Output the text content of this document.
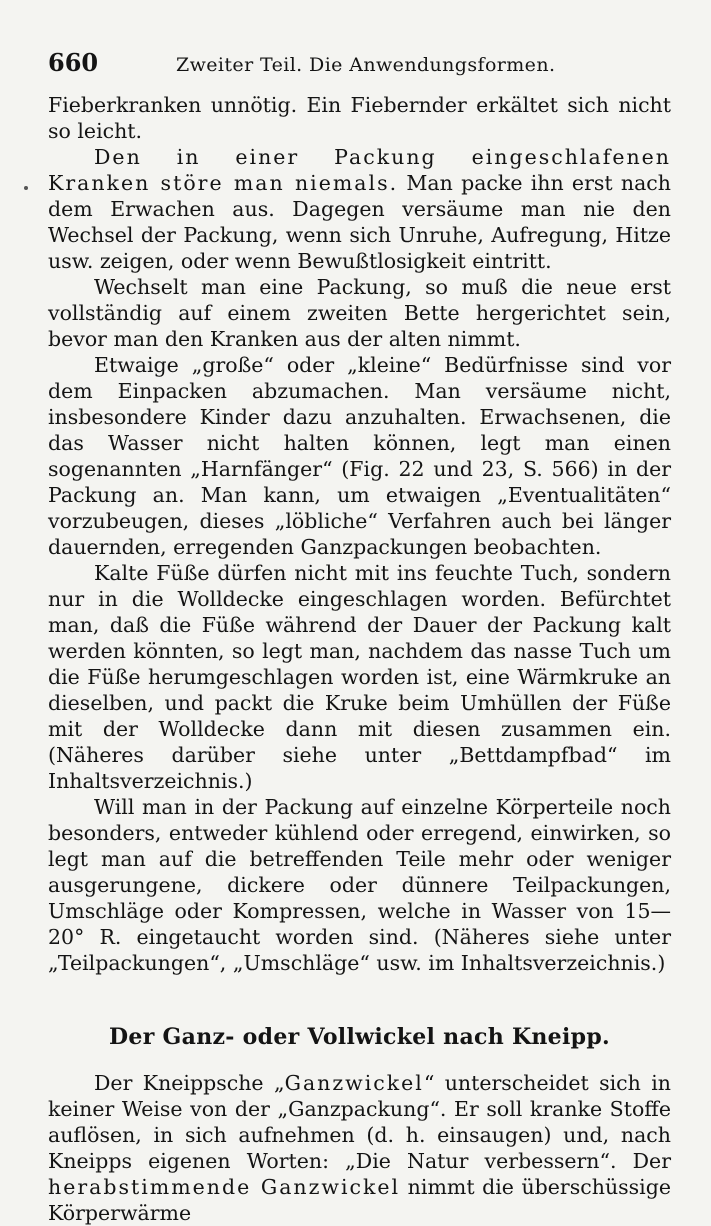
660	Zweiter Teil. Die Anwendungsformen.

Fieberkranken unnötig. Ein Fiebernder erkältet sich nicht so leicht.

Den in einer Packung eingeschlafenen Kranken störe man niemals. Man packe ihn erst nach dem Erwachen aus. Dagegen versäume man nie den Wechsel der Packung, wenn sich Unruhe, Aufregung, Hitze usw. zeigen, oder wenn Bewußtlosigkeit eintritt.

Wechselt man eine Packung, so muß die neue erst vollständig auf einem zweiten Bette hergerichtet sein, bevor man den Kranken aus der alten nimmt.

Etwaige „große“ oder „kleine“ Bedürfnisse sind vor dem Einpacken abzumachen. Man versäume nicht, insbesondere Kinder dazu anzuhalten. Erwachsenen, die das Wasser nicht halten können, legt man einen sogenannten „Harnfänger“ (Fig. 22 und 23, S. 566) in der Packung an. Man kann, um etwaigen „Eventualitäten“ vorzubeugen, dieses „löbliche“ Verfahren auch bei länger dauernden, erregenden Ganzpackungen beobachten.

Kalte Füße dürfen nicht mit ins feuchte Tuch, sondern nur in die Wolldecke eingeschlagen worden. Befürchtet man, daß die Füße während der Dauer der Packung kalt werden könnten, so legt man, nachdem das nasse Tuch um die Füße herumgeschlagen worden ist, eine Wärmkruke an dieselben, und packt die Kruke beim Umhüllen der Füße mit der Wolldecke dann mit diesen zusammen ein. (Näheres darüber siehe unter „Bettdampfbad“ im Inhaltsverzeichnis.)

Will man in der Packung auf einzelne Körperteile noch besonders, entweder kühlend oder erregend, einwirken, so legt man auf die betreffenden Teile mehr oder weniger ausgerungene, dickere oder dünnere Teilpackungen, Umschläge oder Kompressen, welche in Wasser von 15—20° R. eingetaucht worden sind. (Näheres siehe unter „Teilpackungen“, „Umschläge“ usw. im Inhaltsverzeichnis.)

Der Ganz- oder Vollwickel nach Kneipp.

Der Kneippsche „Ganzwickel“ unterscheidet sich in keiner Weise von der „Ganzpackung“. Er soll kranke Stoffe auflösen, in sich aufnehmen (d. h. einsaugen) und, nach Kneipps eigenen Worten: „Die Natur verbessern“. Der herabstimmende Ganzwickel nimmt die überschüssige Körperwärme
